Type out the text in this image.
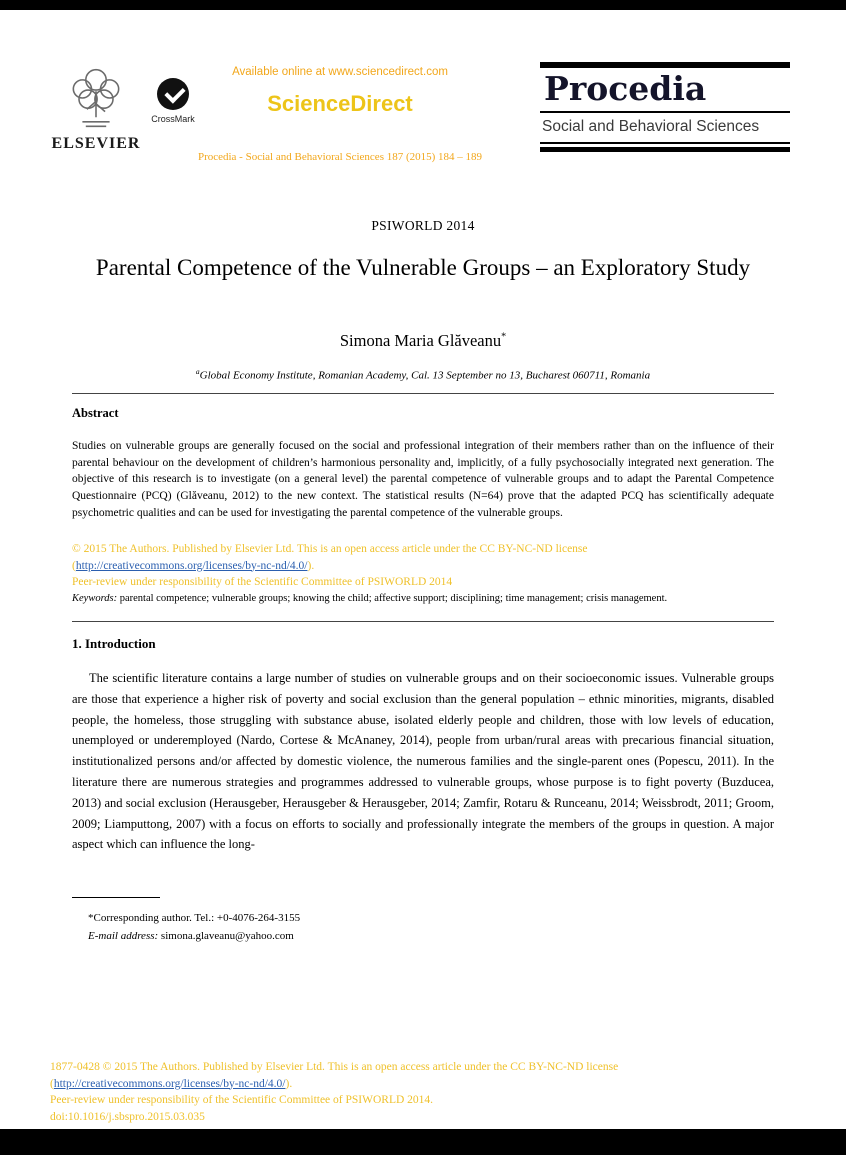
ELSEVIER
CrossMark
Available online at www.sciencedirect.com
ScienceDirect
Procedia - Social and Behavioral Sciences 187 (2015) 184 – 189
Procedia
Social and Behavioral Sciences
PSIWORLD 2014
Parental Competence of the Vulnerable Groups – an Exploratory Study
Simona Maria Glăveanu*
$^a$Global Economy Institute, Romanian Academy, Cal. 13 September no 13, Bucharest 060711, Romania
Abstract
Studies on vulnerable groups are generally focused on the social and professional integration of their members rather than on the influence of their parental behaviour on the development of children’s harmonious personality and, implicitly, of a fully psychosocially integrated next generation. The objective of this research is to investigate (on a general level) the parental competence of vulnerable groups and to adapt the Parental Competence Questionnaire (PCQ) (Glăveanu, 2012) to the new context. The statistical results (N=64) prove that the adapted PCQ has scientifically adequate psychometric qualities and can be used for investigating the parental competence of the vulnerable groups.
© 2015 The Authors. Published by Elsevier Ltd. This is an open access article under the CC BY-NC-ND license
(http://creativecommons.org/licenses/by-nc-nd/4.0/).
Peer-review under responsibility of the Scientific Committee of PSIWORLD 2014
Keywords: parental competence; vulnerable groups; knowing the child; affective support; disciplining; time management; crisis management.
1. Introduction
The scientific literature contains a large number of studies on vulnerable groups and on their socioeconomic issues. Vulnerable groups are those that experience a higher risk of poverty and social exclusion than the general population – ethnic minorities, migrants, disabled people, the homeless, those struggling with substance abuse, isolated elderly people and children, those with low levels of education, unemployed or underemployed (Nardo, Cortese & McAnaney, 2014), people from urban/rural areas with precarious financial situation, institutionalized persons and/or affected by domestic violence, the numerous families and the single-parent ones (Popescu, 2011). In the literature there are numerous strategies and programmes addressed to vulnerable groups, whose purpose is to fight poverty (Buzducea, 2013) and social exclusion (Herausgeber, Herausgeber & Herausgeber, 2014; Zamfir, Rotaru & Runceanu, 2014; Weissbrodt, 2011; Groom, 2009; Liamputtong, 2007) with a focus on efforts to socially and professionally integrate the members of the groups in question. A major aspect which can influence the long-
*Corresponding author. Tel.: +0-4076-264-3155
E-mail address: simona.glaveanu@yahoo.com
1877-0428 © 2015 The Authors. Published by Elsevier Ltd. This is an open access article under the CC BY-NC-ND license
(http://creativecommons.org/licenses/by-nc-nd/4.0/).
Peer-review under responsibility of the Scientific Committee of PSIWORLD 2014.
doi:10.1016/j.sbspro.2015.03.035
